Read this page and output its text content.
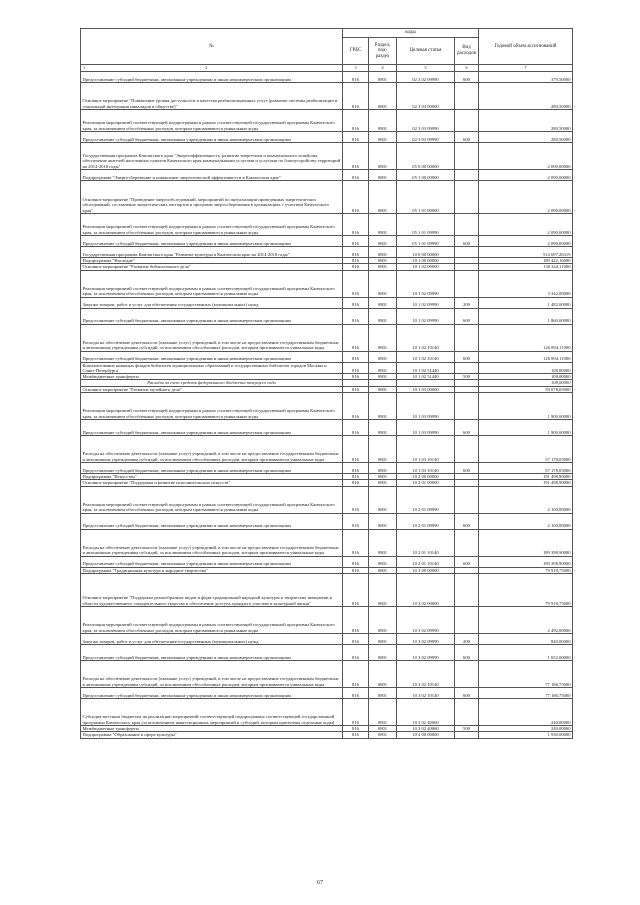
№	коды				Годовой объем ассигнований
	ГРБС	Раздел, под- раздел	Целевая статья	Вид расходов	
1 2	3	4	5	6	7
Предоставление субсидий бюджетным, автономным учреждениям и иным некоммерческим организациям	816	0801	02 3 02 09990	600	379,50000
Основное мероприятие "Повышение уровня доступности и качества реабилитационных услуг (развитие системы реабилитации и социальной интеграции инвалидов в обществе)"	816	0801	02 3 03 00000		280,50000
Реализация мероприятий соответствующей подпрограммы в рамках соответствующей государственной программы Камчатского края, за исключением обособленных расходов, которым присваиваются уникальные коды	816	0801	02 3 03 09990		280,50000
Предоставление субсидий бюджетным, автономным учреждениям и иным некоммерческим организациям	816	0801	02 3 03 09990	600	280,50000
Государственная программа Камчатского края "Энергоэффективность, развитие энергетики и коммунального хозяйства, обеспечение жителей населенных пунктов Камчатского края коммунальными услугами и услугами по благоустройству территорий на 2014-2018 годы"	816	0801	05 0 00 00000		2 090,00000
Подпрограмма "Энергосбережение и повышение энергетической эффективности в Камчатском крае"	816	0801	05 1 00 00000		2 090,00000
Основное мероприятие "Проведение энергообследований, мероприятий по актуализации проведенных энергетических обследований, составление энергетических паспортов и программ энергосбережения в организациях с участием Камчатского края"	816	0801	05 1 01 00000		2 090,00000
Реализация мероприятий соответствующей подпрограммы в рамках соответствующей государственной программы Камчатского края, за исключением обособленных расходов, которым присваиваются уникальные коды	816	0801	05 1 01 09990		2 090,00000
Предоставление субсидий бюджетным, автономным учреждениям и иным некоммерческим организациям	816	0801	05 1 01 09990	600	2 090,00000
Государственная программа Камчатского края "Развитие культуры в Камчатском крае на 2014-2018 годы"	816	0801	10 0 00 00000		514 697,26319
Подпрограмма "Наследие"	816	0801	10 1 00 00000		189 422,16000
Основное мероприятие "Развитие библиотечного дела"	816	0801	10 1 02 00000		130 344,11000
Реализация мероприятий соответствующей подпрограммы в рамках соответствующей государственной программы Камчатского края, за исключением обособленных расходов, которым присваиваются уникальные коды	816	0801	10 1 02 09990		3 342,00000
Закупка товаров, работ и услуг для обеспечения государственных (муниципальных) нужд	816	0801	10 1 02 09990	200	1 482,00000
Предоставление субсидий бюджетным, автономным учреждениям и иным некоммерческим организациям	816	0801	10 1 02 09990	600	1 860,00000
Расходы на обеспечение деятельности (оказание услуг) учреждений, в том числе на предоставление государственным бюджетным и автономным учреждениям субсидий, за исключением обособленных расходов, которым присваиваются уникальные коды	816	0801	10 1 02 10140		126 894,11000
Предоставление субсидий бюджетным, автономным учреждениям и иным некоммерческим организациям	816	0801	10 1 02 10140	600	126 894,11000
Комплектование книжных фондов библиотек муниципальных образований и государственных библиотек городов Москвы и Санкт-Петербурга	816	0801	10 1 02 51440		108,00000
Межбюджетные трансферты	816	0801	10 1 02 51440	500	108,00000
Расходы за счет средств федерального бюджета текущего года					108,00000
Основное мероприятие "Развитие музейного дела"	816	0801	10 1 03 00000		59 078,05000
Реализация мероприятий соответствующей подпрограммы в рамках соответствующей государственной программы Камчатского края, за исключением обособленных расходов, которым присваиваются уникальные коды	816	0801	10 1 03 09990		1 900,00000
Предоставление субсидий бюджетным, автономным учреждениям и иным некоммерческим организациям	816	0801	10 1 03 09990	600	1 900,00000
Расходы на обеспечение деятельности (оказание услуг) учреждений, в том числе на предоставление государственным бюджетным и автономным учреждениям субсидий, за исключением обособленных расходов, которым присваиваются уникальные коды	816	0801	10 1 03 10140		57 178,05000
Предоставление субсидий бюджетным, автономным учреждениям и иным некоммерческим организациям	816	0801	10 1 03 10140	600	57 178,05000
Подпрограмма "Искусство"	816	0801	10 2 00 00000		191 498,90000
Основное мероприятие "Поддержка и развитие исполнительских искусств"	816	0801	10 2 01 00000		191 498,90000
Реализация мероприятий соответствующей подпрограммы в рамках соответствующей государственной программы Камчатского края, за исключением обособленных расходов, которым присваиваются уникальные коды	816	0801	10 2 01 09990		2 100,00000
Предоставление субсидий бюджетным, автономным учреждениям и иным некоммерческим организациям	816	0801	10 2 01 09990	600	2 100,00000
Расходы на обеспечение деятельности (оказание услуг) учреждений, в том числе на предоставление государственным бюджетным и автономным учреждениям субсидий, за исключением обособленных расходов, которым присваиваются уникальные коды	816	0801	10 2 01 10140		189 398,90000
Предоставление субсидий бюджетным, автономным учреждениям и иным некоммерческим организациям	816	0801	10 2 01 10140	600	189 398,90000
Подпрограмма "Традиционная культура и народное творчество"	816	0801	10 3 00 00000		79 918,75000
Основное мероприятие "Поддержка разнообразных видов и форм традиционной народной культуры и творческих инициатив в области художественного самодеятельного творства и обеспечение доступа граждан к участию в культурной жизни"	816	0801	10 3 02 00000		79 918,75000
Реализация мероприятий соответствующей подпрограммы в рамках соответствующей государственной программы Камчатского края, за исключением обособленных расходов, которым присваиваются уникальные коды	816	0801	10 3 02 09990		2 492,00000
Закупка товаров, работ и услуг для обеспечения государственных (муниципальных) нужд	816	0801	10 3 02 09990	200	840,00000
Предоставление субсидий бюджетным, автономным учреждениям и иным некоммерческим организациям	816	0801	10 3 02 09990	600	1 652,00000
Расходы на обеспечение деятельности (оказание услуг) учреждений, в том числе на предоставление государственным бюджетным и автономным учреждениям субсидий, за исключением обособленных расходов, которым присваиваются уникальные коды	816	0801	10 3 02 10140		77 186,75000
Предоставление субсидий бюджетным, автономным учреждениям и иным некоммерческим организациям	816	0801	10 3 02 10140	600	77 186,75000
Субсидия местным бюджетам на реализацию мероприятий соответствующей подпрограммы соответствующей государственной программы Камчатского края (за исключением инвестиционных мероприятий и субсидий, которым присвоены отдельные коды)	816	0801	10 3 02 40060		240,00000
Межбюджетные трансферты	816	0801	10 3 02 40060	500	240,00000
Подпрограмма "Образование в сфере культуры"	816	0801	10 4 00 00000		1 930,00000
67
